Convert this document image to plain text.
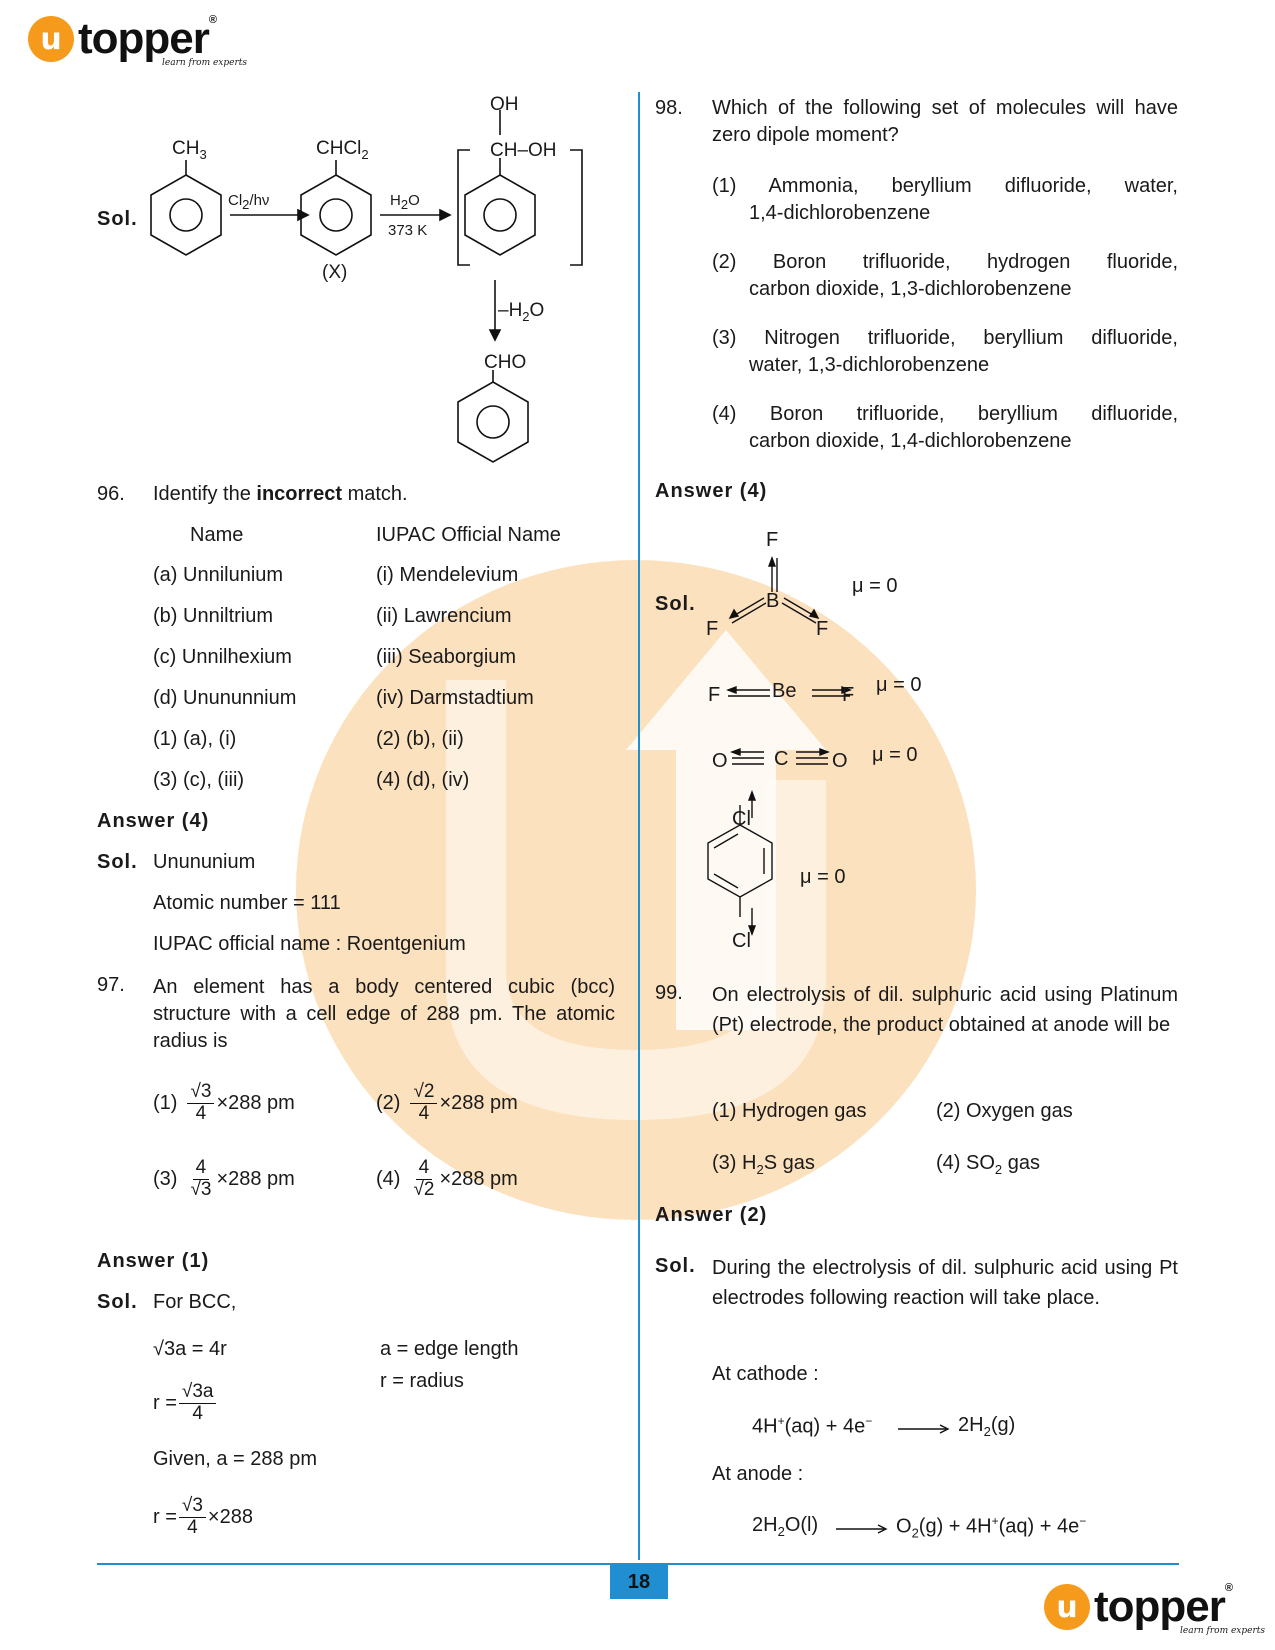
u topper®
learn from experts
Sol.
$CH_3$
$Cl_2/h\nu$
CHCl$_2$
(X)
$H_2O$
373 K
OH
CH–OH
$-H_2O$
CHO
96. Identify the incorrect match.
Name	IUPAC Official Name
(a) Unnilunium	(i) Mendelevium
(b) Unniltrium	(ii) Lawrencium
(c) Unnilhexium	(iii) Seaborgium
(d) Unununnium	(iv) Darmstadtium
(1) (a), (i)	(2) (b), (ii)
(3) (c), (iii)	(4) (d), (iv)
Answer (4)
Sol. Unununium
Atomic number = 111
IUPAC official name : Roentgenium
97. An element has a body centered cubic (bcc) structure with a cell edge of 288 pm. The atomic radius is
$(1) \frac{√3}{4} \times 288$ pm	$(2) \frac{√2}{4} \times 288$ pm
$(3) \frac{4}{√3} \times 288$ pm	$(4) \frac{4}{√2} \times 288$ pm
Answer (1)
Sol. For BCC,
√3a = 4r	a = edge length
r = radius
$r = \frac{√3a}{4}$
Given, a = 288 pm
$r = \frac{√3}{4} \times 288$
98. Which of the following set of molecules will have zero dipole moment?
(1) Ammonia, beryllium difluoride, water,
1,4-dichlorobenzene
(2) Boron trifluoride, hydrogen fluoride,
carbon dioxide, 1,3-dichlorobenzene
(3) Nitrogen trifluoride, beryllium difluoride,
water, 1,3-dichlorobenzene
(4) Boron trifluoride, beryllium difluoride,
carbon dioxide, 1,4-dichlorobenzene
Answer (4)
Sol.
F
B
F	F
μ = 0
F	Be F μ = 0
O C O μ = 0
Cl
Cl
μ = 0
99. On electrolysis of dil. sulphuric acid using Platinum (Pt) electrode, the product obtained at anode will be
(1) Hydrogen gas	(2) Oxygen gas
(3) $H_2S$ gas	(4) $SO_2$ gas
Answer (2)
Sol. During the electrolysis of dil. sulphuric acid using Pt electrodes following reaction will take place.
At cathode :
4H+(aq) + 4e−	$2H_2(g)$
At anode :
$2H_2O(l)$	$O_2(g) + 4H^+(aq) + 4e^-$
18
u topper®
learn from experts
